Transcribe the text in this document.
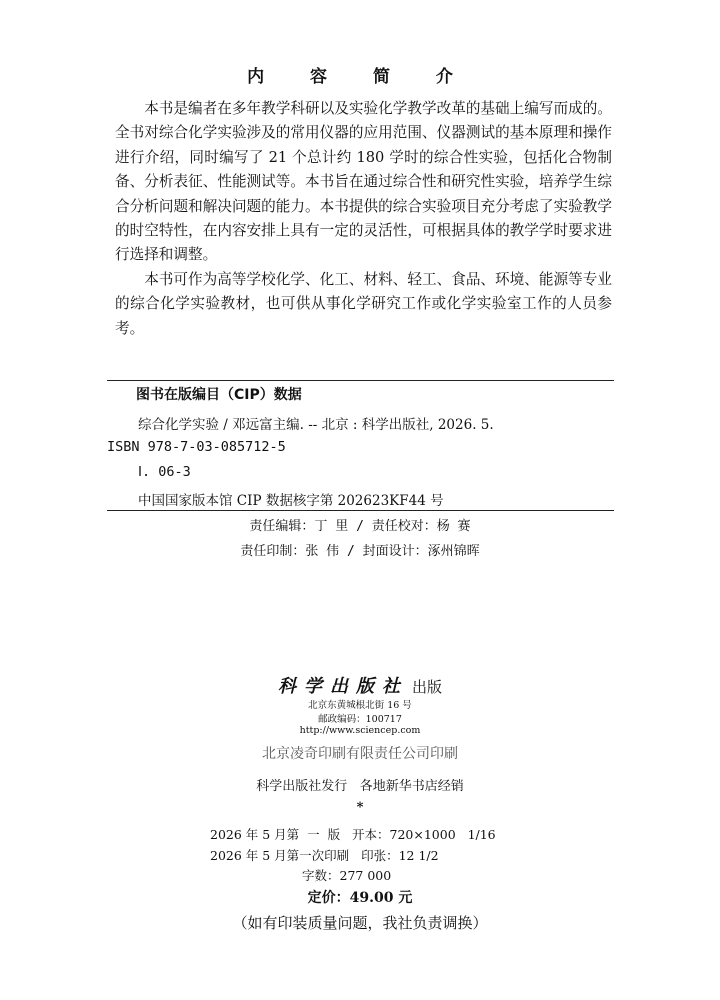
内 容 简 介

本书是编者在多年教学科研以及实验化学教学改革的基础上编写而成的。全书对综合化学实验涉及的常用仪器的应用范围、仪器测试的基本原理和操作进行介绍，同时编写了 21 个总计约 180 学时的综合性实验，包括化合物制备、分析表征、性能测试等。本书旨在通过综合性和研究性实验，培养学生综合分析问题和解决问题的能力。本书提供的综合实验项目充分考虑了实验教学的时空特性，在内容安排上具有一定的灵活性，可根据具体的教学学时要求进行选择和调整。

本书可作为高等学校化学、化工、材料、轻工、食品、环境、能源等专业的综合化学实验教材，也可供从事化学研究工作或化学实验室工作的人员参考。

图书在版编目（CIP）数据
综合化学实验 / 邓远富主编. -- 北京 : 科学出版社, 2026. 5.
ISBN 978-7-03-085712-5
Ⅰ. 06-3
中国国家版本馆 CIP 数据核字第 202623KF44 号
责任编辑：丁 里 / 责任校对：杨 赛
责任印制：张 伟 / 封面设计：涿州锦晖
科学出版社 出版
北京东黄城根北街 16 号
邮政编码：100717
http://www.sciencep.com
北京凌奇印刷有限责任公司印刷
科学出版社发行   各地新华书店经销
*
2026 年 5 月第  一  版   开本：720×1000   1/16
2026 年 5 月第一次印刷   印张：12 1/2
字数：277 000
定价：49.00 元
（如有印装质量问题，我社负责调换）
